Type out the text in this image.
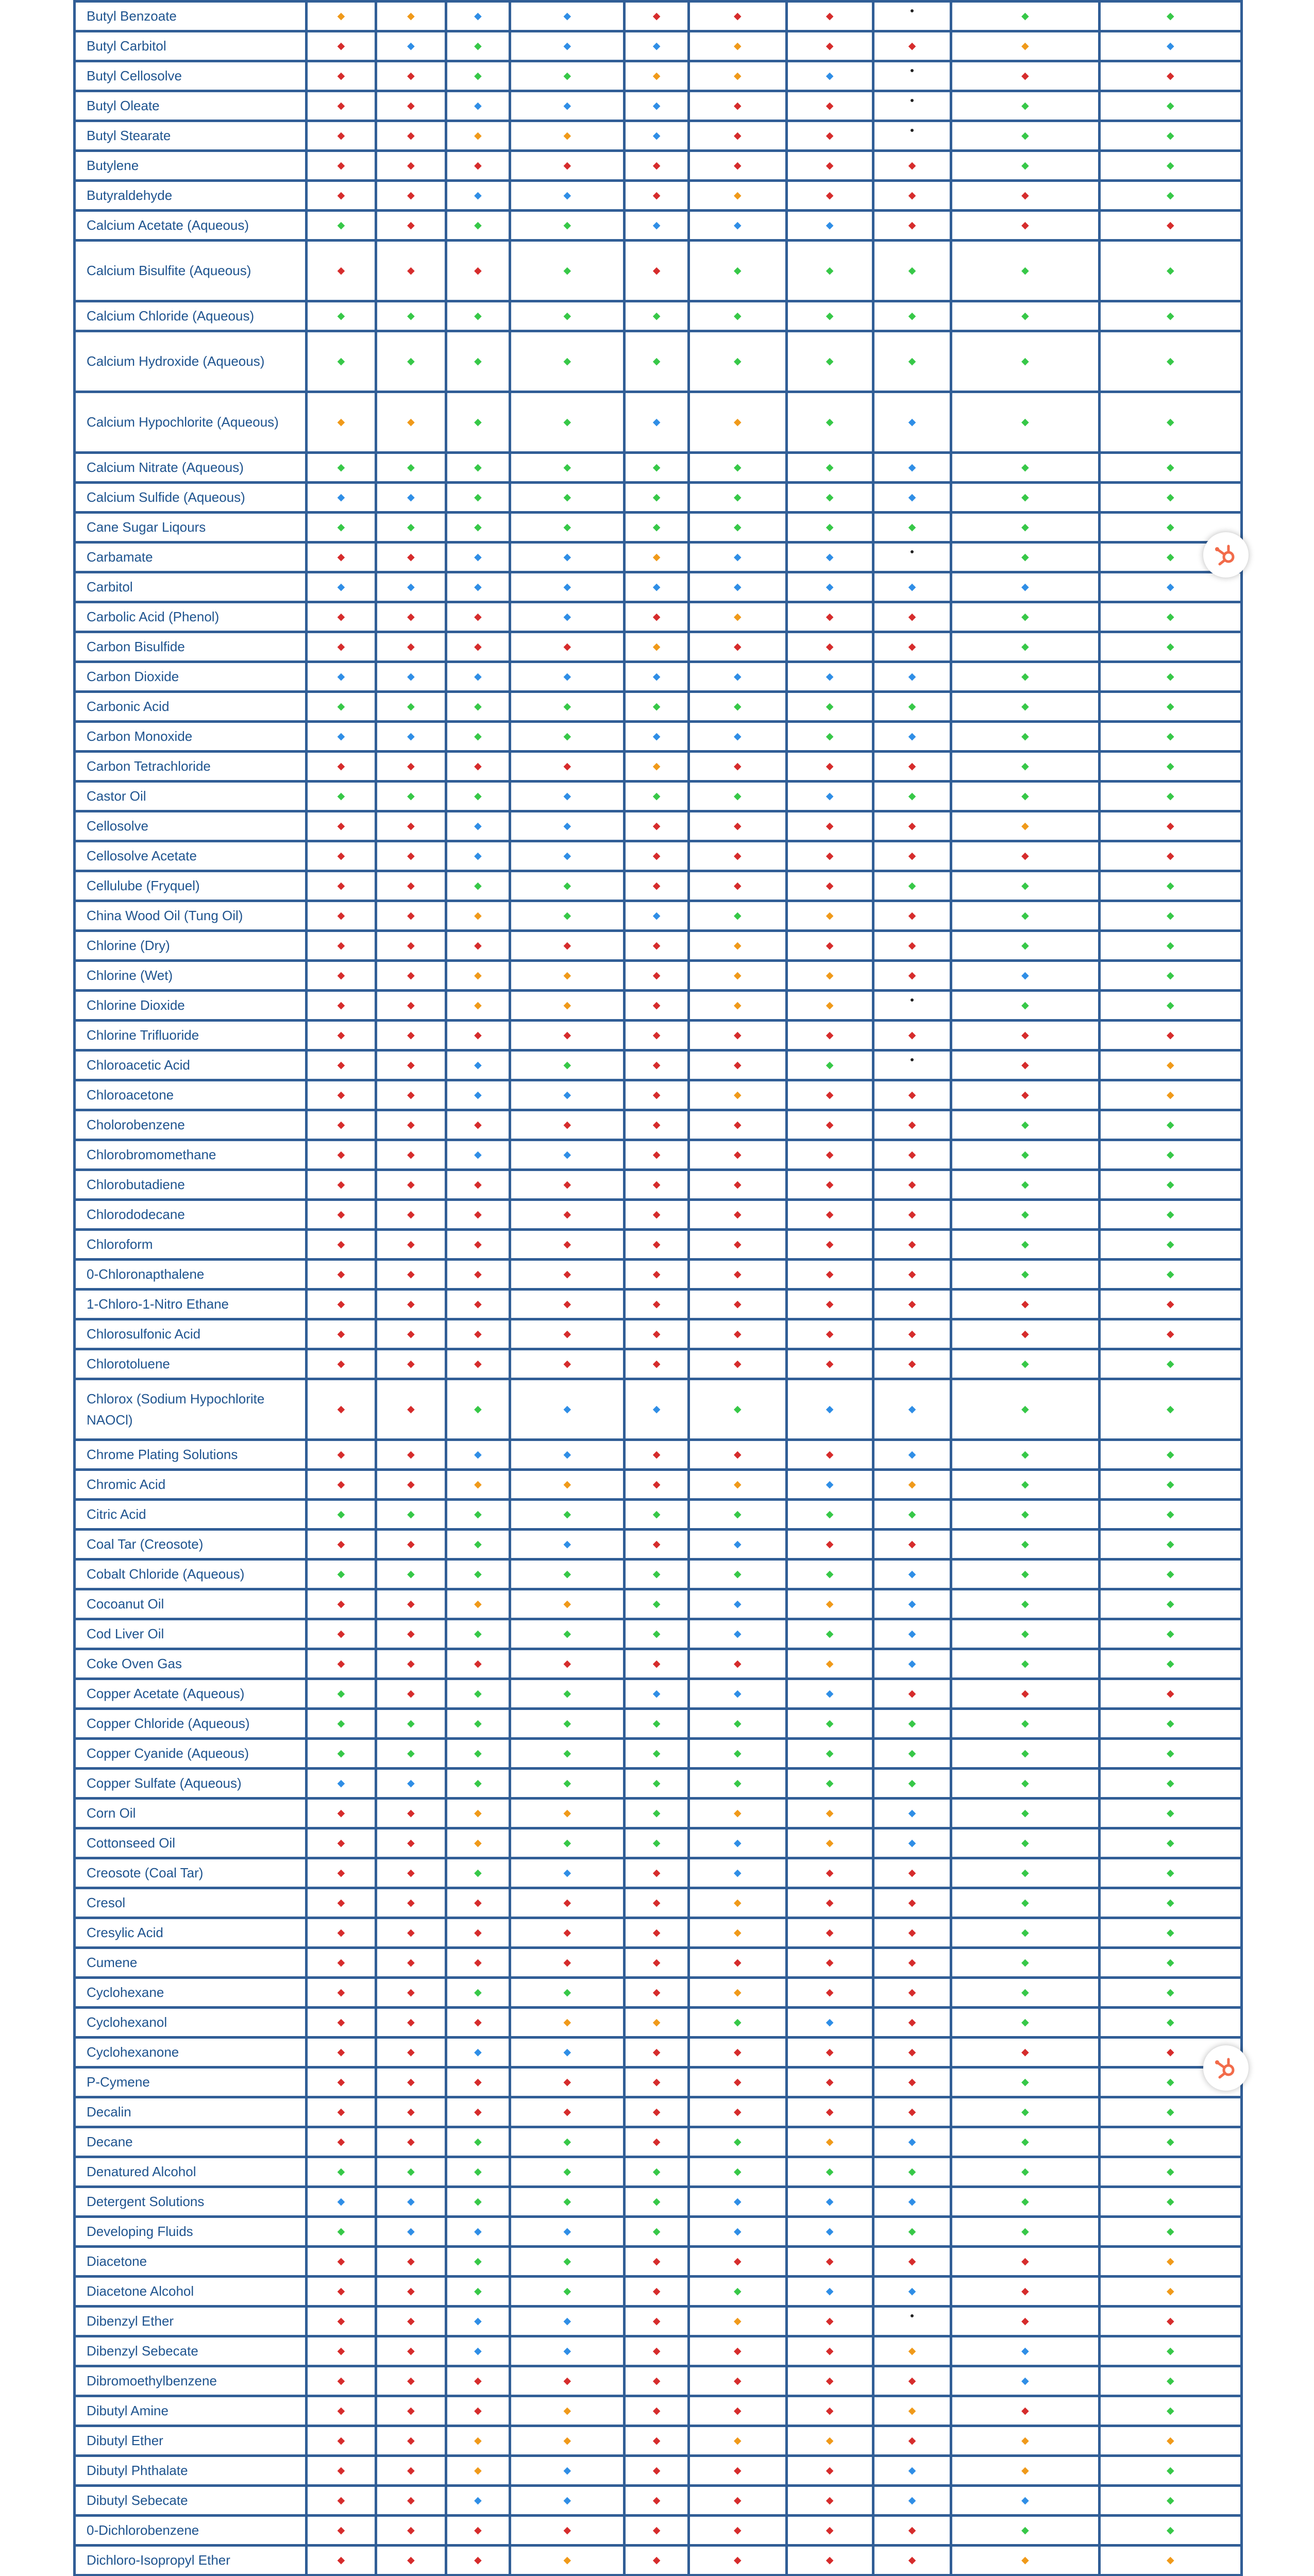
Butyl Benzoate	◆	◆	◆	◆	◆	◆	◆		◆	◆
Butyl Carbitol	◆	◆	◆	◆	◆	◆	◆	◆	◆	◆
Butyl Cellosolve	◆	◆	◆	◆	◆	◆	◆		◆	◆
Butyl Oleate	◆	◆	◆	◆	◆	◆	◆		◆	◆
Butyl Stearate	◆	◆	◆	◆	◆	◆	◆		◆	◆
Butylene	◆	◆	◆	◆	◆	◆	◆	◆	◆	◆
Butyraldehyde	◆	◆	◆	◆	◆	◆	◆	◆	◆	◆
Calcium Acetate (Aqueous)	◆	◆	◆	◆	◆	◆	◆	◆	◆	◆
Calcium Bisulfite (Aqueous)	◆	◆	◆	◆	◆	◆	◆	◆	◆	◆
Calcium Chloride (Aqueous)	◆	◆	◆	◆	◆	◆	◆	◆	◆	◆
Calcium Hydroxide (Aqueous)	◆	◆	◆	◆	◆	◆	◆	◆	◆	◆
Calcium Hypochlorite (Aqueous)	◆	◆	◆	◆	◆	◆	◆	◆	◆	◆
Calcium Nitrate (Aqueous)	◆	◆	◆	◆	◆	◆	◆	◆	◆	◆
Calcium Sulfide (Aqueous)	◆	◆	◆	◆	◆	◆	◆	◆	◆	◆
Cane Sugar Liqours	◆	◆	◆	◆	◆	◆	◆	◆	◆	◆
Carbamate	◆	◆	◆	◆	◆	◆	◆		◆	◆
Carbitol	◆	◆	◆	◆	◆	◆	◆	◆	◆	◆
Carbolic Acid (Phenol)	◆	◆	◆	◆	◆	◆	◆	◆	◆	◆
Carbon Bisulfide	◆	◆	◆	◆	◆	◆	◆	◆	◆	◆
Carbon Dioxide	◆	◆	◆	◆	◆	◆	◆	◆	◆	◆
Carbonic Acid	◆	◆	◆	◆	◆	◆	◆	◆	◆	◆
Carbon Monoxide	◆	◆	◆	◆	◆	◆	◆	◆	◆	◆
Carbon Tetrachloride	◆	◆	◆	◆	◆	◆	◆	◆	◆	◆
Castor Oil	◆	◆	◆	◆	◆	◆	◆	◆	◆	◆
Cellosolve	◆	◆	◆	◆	◆	◆	◆	◆	◆	◆
Cellosolve Acetate	◆	◆	◆	◆	◆	◆	◆	◆	◆	◆
Cellulube (Fryquel)	◆	◆	◆	◆	◆	◆	◆	◆	◆	◆
China Wood Oil (Tung Oil)	◆	◆	◆	◆	◆	◆	◆	◆	◆	◆
Chlorine (Dry)	◆	◆	◆	◆	◆	◆	◆	◆	◆	◆
Chlorine (Wet)	◆	◆	◆	◆	◆	◆	◆	◆	◆	◆
Chlorine Dioxide	◆	◆	◆	◆	◆	◆	◆		◆	◆
Chlorine Trifluoride	◆	◆	◆	◆	◆	◆	◆	◆	◆	◆
Chloroacetic Acid	◆	◆	◆	◆	◆	◆	◆		◆	◆
Chloroacetone	◆	◆	◆	◆	◆	◆	◆	◆	◆	◆
Cholorobenzene	◆	◆	◆	◆	◆	◆	◆	◆	◆	◆
Chlorobromomethane	◆	◆	◆	◆	◆	◆	◆	◆	◆	◆
Chlorobutadiene	◆	◆	◆	◆	◆	◆	◆	◆	◆	◆
Chlorododecane	◆	◆	◆	◆	◆	◆	◆	◆	◆	◆
Chloroform	◆	◆	◆	◆	◆	◆	◆	◆	◆	◆
0-Chloronapthalene	◆	◆	◆	◆	◆	◆	◆	◆	◆	◆
1-Chloro-1-Nitro Ethane	◆	◆	◆	◆	◆	◆	◆	◆	◆	◆
Chlorosulfonic Acid	◆	◆	◆	◆	◆	◆	◆	◆	◆	◆
Chlorotoluene	◆	◆	◆	◆	◆	◆	◆	◆	◆	◆
Chlorox (Sodium Hypochlorite NAOCl)	◆	◆	◆	◆	◆	◆	◆	◆	◆	◆
Chrome Plating Solutions	◆	◆	◆	◆	◆	◆	◆	◆	◆	◆
Chromic Acid	◆	◆	◆	◆	◆	◆	◆	◆	◆	◆
Citric Acid	◆	◆	◆	◆	◆	◆	◆	◆	◆	◆
Coal Tar (Creosote)	◆	◆	◆	◆	◆	◆	◆	◆	◆	◆
Cobalt Chloride (Aqueous)	◆	◆	◆	◆	◆	◆	◆	◆	◆	◆
Cocoanut Oil	◆	◆	◆	◆	◆	◆	◆	◆	◆	◆
Cod Liver Oil	◆	◆	◆	◆	◆	◆	◆	◆	◆	◆
Coke Oven Gas	◆	◆	◆	◆	◆	◆	◆	◆	◆	◆
Copper Acetate (Aqueous)	◆	◆	◆	◆	◆	◆	◆	◆	◆	◆
Copper Chloride (Aqueous)	◆	◆	◆	◆	◆	◆	◆	◆	◆	◆
Copper Cyanide (Aqueous)	◆	◆	◆	◆	◆	◆	◆	◆	◆	◆
Copper Sulfate (Aqueous)	◆	◆	◆	◆	◆	◆	◆	◆	◆	◆
Corn Oil	◆	◆	◆	◆	◆	◆	◆	◆	◆	◆
Cottonseed Oil	◆	◆	◆	◆	◆	◆	◆	◆	◆	◆
Creosote (Coal Tar)	◆	◆	◆	◆	◆	◆	◆	◆	◆	◆
Cresol	◆	◆	◆	◆	◆	◆	◆	◆	◆	◆
Cresylic Acid	◆	◆	◆	◆	◆	◆	◆	◆	◆	◆
Cumene	◆	◆	◆	◆	◆	◆	◆	◆	◆	◆
Cyclohexane	◆	◆	◆	◆	◆	◆	◆	◆	◆	◆
Cyclohexanol	◆	◆	◆	◆	◆	◆	◆	◆	◆	◆
Cyclohexanone	◆	◆	◆	◆	◆	◆	◆	◆	◆	◆
P-Cymene	◆	◆	◆	◆	◆	◆	◆	◆	◆	◆
Decalin	◆	◆	◆	◆	◆	◆	◆	◆	◆	◆
Decane	◆	◆	◆	◆	◆	◆	◆	◆	◆	◆
Denatured Alcohol	◆	◆	◆	◆	◆	◆	◆	◆	◆	◆
Detergent Solutions	◆	◆	◆	◆	◆	◆	◆	◆	◆	◆
Developing Fluids	◆	◆	◆	◆	◆	◆	◆	◆	◆	◆
Diacetone	◆	◆	◆	◆	◆	◆	◆	◆	◆	◆
Diacetone Alcohol	◆	◆	◆	◆	◆	◆	◆	◆	◆	◆
Dibenzyl Ether	◆	◆	◆	◆	◆	◆	◆		◆	◆
Dibenzyl Sebecate	◆	◆	◆	◆	◆	◆	◆	◆	◆	◆
Dibromoethylbenzene	◆	◆	◆	◆	◆	◆	◆	◆	◆	◆
Dibutyl Amine	◆	◆	◆	◆	◆	◆	◆	◆	◆	◆
Dibutyl Ether	◆	◆	◆	◆	◆	◆	◆	◆	◆	◆
Dibutyl Phthalate	◆	◆	◆	◆	◆	◆	◆	◆	◆	◆
Dibutyl Sebecate	◆	◆	◆	◆	◆	◆	◆	◆	◆	◆
0-Dichlorobenzene	◆	◆	◆	◆	◆	◆	◆	◆	◆	◆
Dichloro-Isopropyl Ether	◆	◆	◆	◆	◆	◆	◆	◆	◆	◆
